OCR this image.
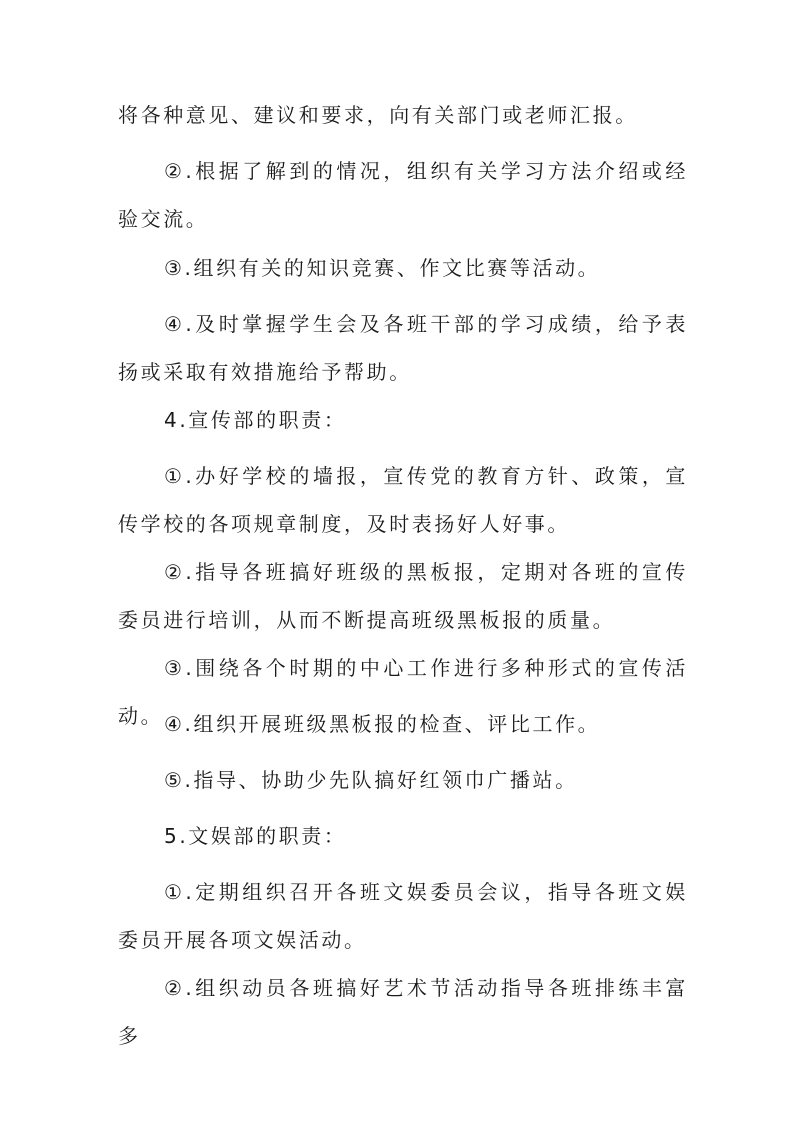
将各种意见、建议和要求，向有关部门或老师汇报。

②.根据了解到的情况，组织有关学习方法介绍或经验交流。

③.组织有关的知识竞赛、作文比赛等活动。

④.及时掌握学生会及各班干部的学习成绩，给予表扬或采取有效措施给予帮助。

4.宣传部的职责：

①.办好学校的墙报，宣传党的教育方针、政策，宣传学校的各项规章制度，及时表扬好人好事。

②.指导各班搞好班级的黑板报，定期对各班的宣传委员进行培训，从而不断提高班级黑板报的质量。

③.围绕各个时期的中心工作进行多种形式的宣传活动。 ④.组织开展班级黑板报的检查、评比工作。

⑤.指导、协助少先队搞好红领巾广播站。

5.文娱部的职责：

①.定期组织召开各班文娱委员会议，指导各班文娱委员开展各项文娱活动。

②.组织动员各班搞好艺术节活动指导各班排练丰富多
